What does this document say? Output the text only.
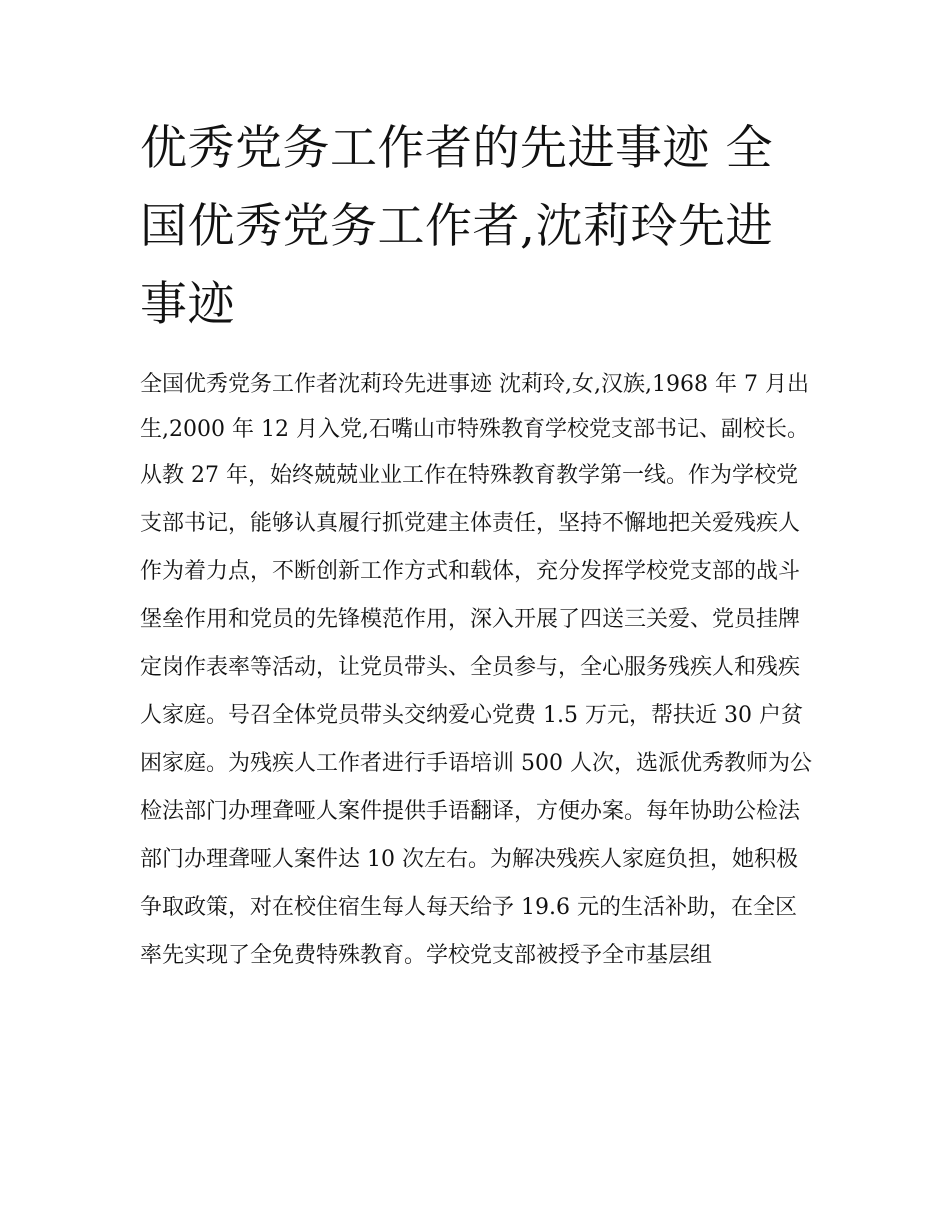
优秀党务工作者的先进事迹 全国优秀党务工作者,沈莉玲先进事迹

全国优秀党务工作者沈莉玲先进事迹 沈莉玲,女,汉族,1968 年 7 月出生,2000 年 12 月入党,石嘴山市特殊教育学校党支部书记、副校长。

从教 27 年，始终兢兢业业工作在特殊教育教学第一线。作为学校党支部书记，能够认真履行抓党建主体责任，坚持不懈地把关爱残疾人作为着力点，不断创新工作方式和载体，充分发挥学校党支部的战斗堡垒作用和党员的先锋模范作用，深入开展了四送三关爱、党员挂牌定岗作表率等活动，让党员带头、全员参与，全心服务残疾人和残疾人家庭。号召全体党员带头交纳爱心党费 1.5 万元，帮扶近 30 户贫困家庭。为残疾人工作者进行手语培训 500 人次，选派优秀教师为公检法部门办理聋哑人案件提供手语翻译，方便办案。每年协助公检法部门办理聋哑人案件达 10 次左右。为解决残疾人家庭负担，她积极争取政策，对在校住宿生每人每天给予 19.6 元的生活补助，在全区率先实现了全免费特殊教育。学校党支部被授予全市基层组
